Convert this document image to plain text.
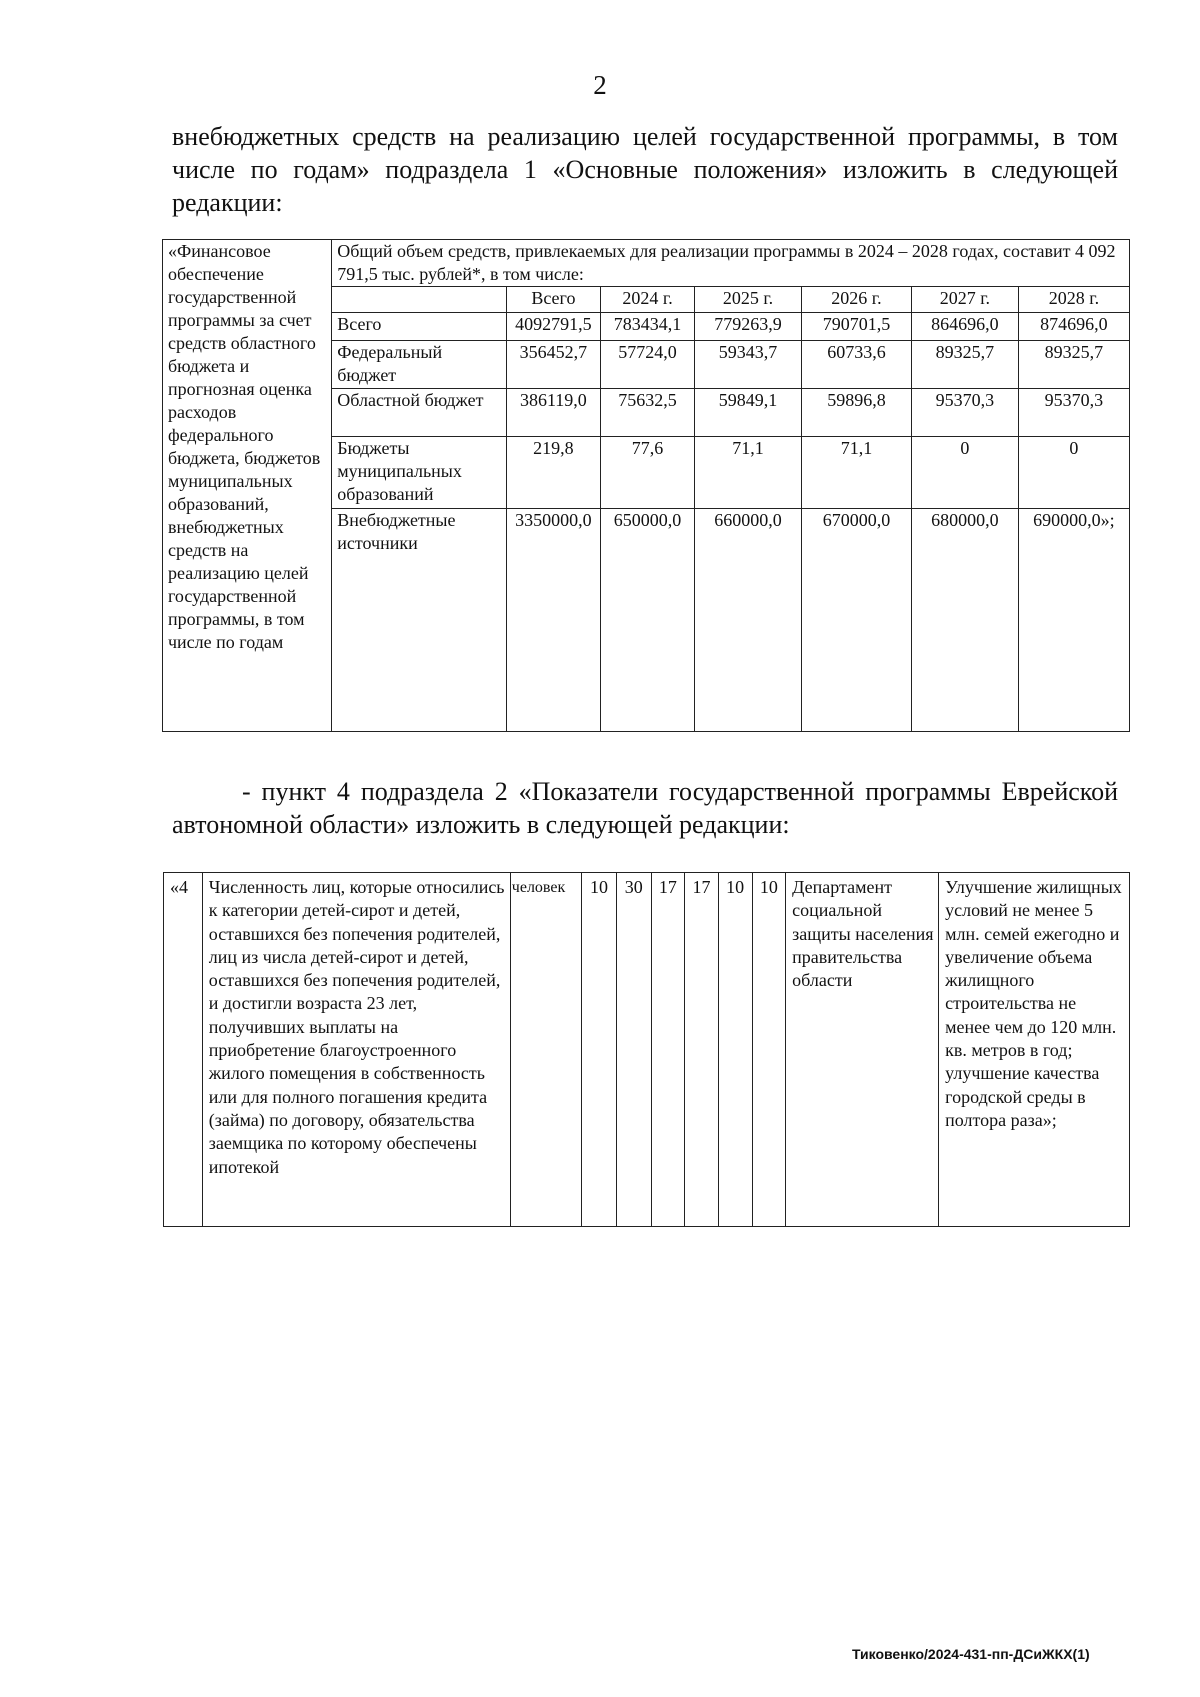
2
внебюджетных средств на реализацию целей государственной программы, в том числе по годам» подраздела 1 «Основные положения» изложить в следующей редакции:
«Финансовое обеспечение государственной программы за счет средств областного бюджета и прогнозная оценка расходов федерального бюджета, бюджетов муниципальных образований, внебюджетных средств на реализацию целей государственной программы, в том числе по годам	Общий объем средств, привлекаемых для реализации программы в 2024 – 2028 годах, составит 4 092 791,5 тыс. рублей*, в том числе:						
		Всего	2024 г.	2025 г.	2026 г.	2027 г.	2028 г.
	Всего	4092791,5	783434,1	779263,9	790701,5	864696,0	874696,0
	Федеральный бюджет	356452,7	57724,0	59343,7	60733,6	89325,7	89325,7
	Областной бюджет	386119,0	75632,5	59849,1	59896,8	95370,3	95370,3
	Бюджеты муниципальных образований	219,8	77,6	71,1	71,1	0	0
	Внебюджетные источники	3350000,0	650000,0	660000,0	670000,0	680000,0	690000,0»;
- пункт 4 подраздела 2 «Показатели государственной программы Еврейской автономной области» изложить в следующей редакции:
«4	Численность лиц, которые относились к категории детей-сирот и детей, оставшихся без попечения родителей, лиц из числа детей-сирот и детей, оставшихся без попечения родителей, и достигли возраста 23 лет, получивших выплаты на приобретение благоустроенного жилого помещения в собственность или для полного погашения кредита (займа) по договору, обязательства заемщика по которому обеспечены ипотекой	человек	10	30	17	17	10	10	Департамент социальной защиты населения правительства области	Улучшение жилищных условий не менее 5 млн. семей ежегодно и увеличение объема жилищного строительства не менее чем до 120 млн. кв. метров в год; улучшение качества городской среды в полтора раза»;
Тиковенко/2024-431-пп-ДСиЖКХ(1)
